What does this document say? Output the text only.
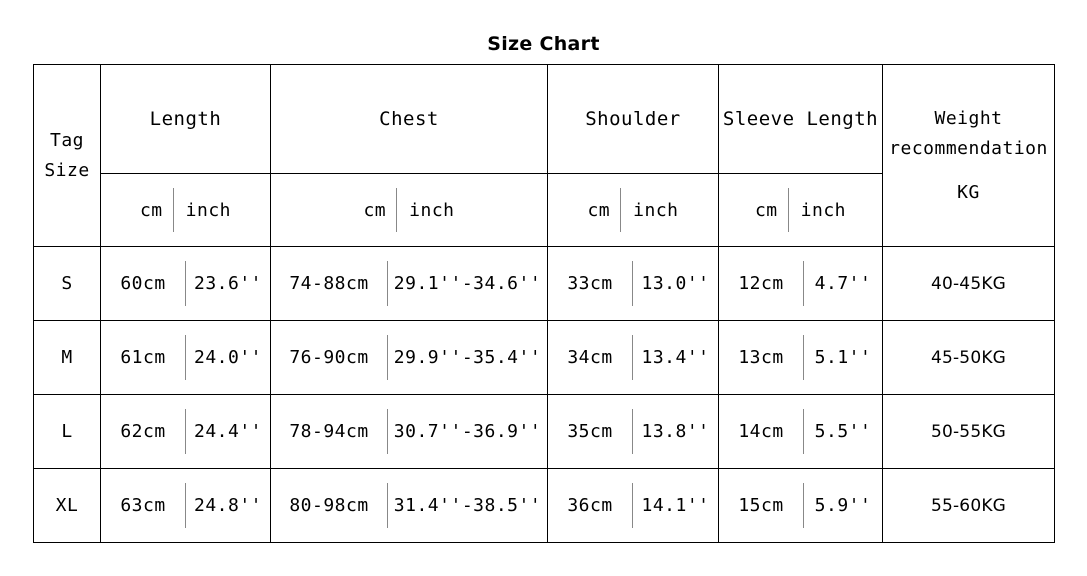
Size Chart
Tag
Size
	Length	Chest	Shoulder	Sleeve Length	Weight
recommendation
KG

	cm inch	cm inch	cm inch	cm inch	

S	60cm 23.6''	74-88cm 29.1''-34.6''	33cm 13.0''	12cm 4.7''	40-45KG
M	61cm 24.0''	76-90cm 29.9''-35.4''	34cm 13.4''	13cm 5.1''	45-50KG
L	62cm 24.4''	78-94cm 30.7''-36.9''	35cm 13.8''	14cm 5.5''	50-55KG
XL	63cm 24.8''	80-98cm 31.4''-38.5''	36cm 14.1''	15cm 5.9''	55-60KG
